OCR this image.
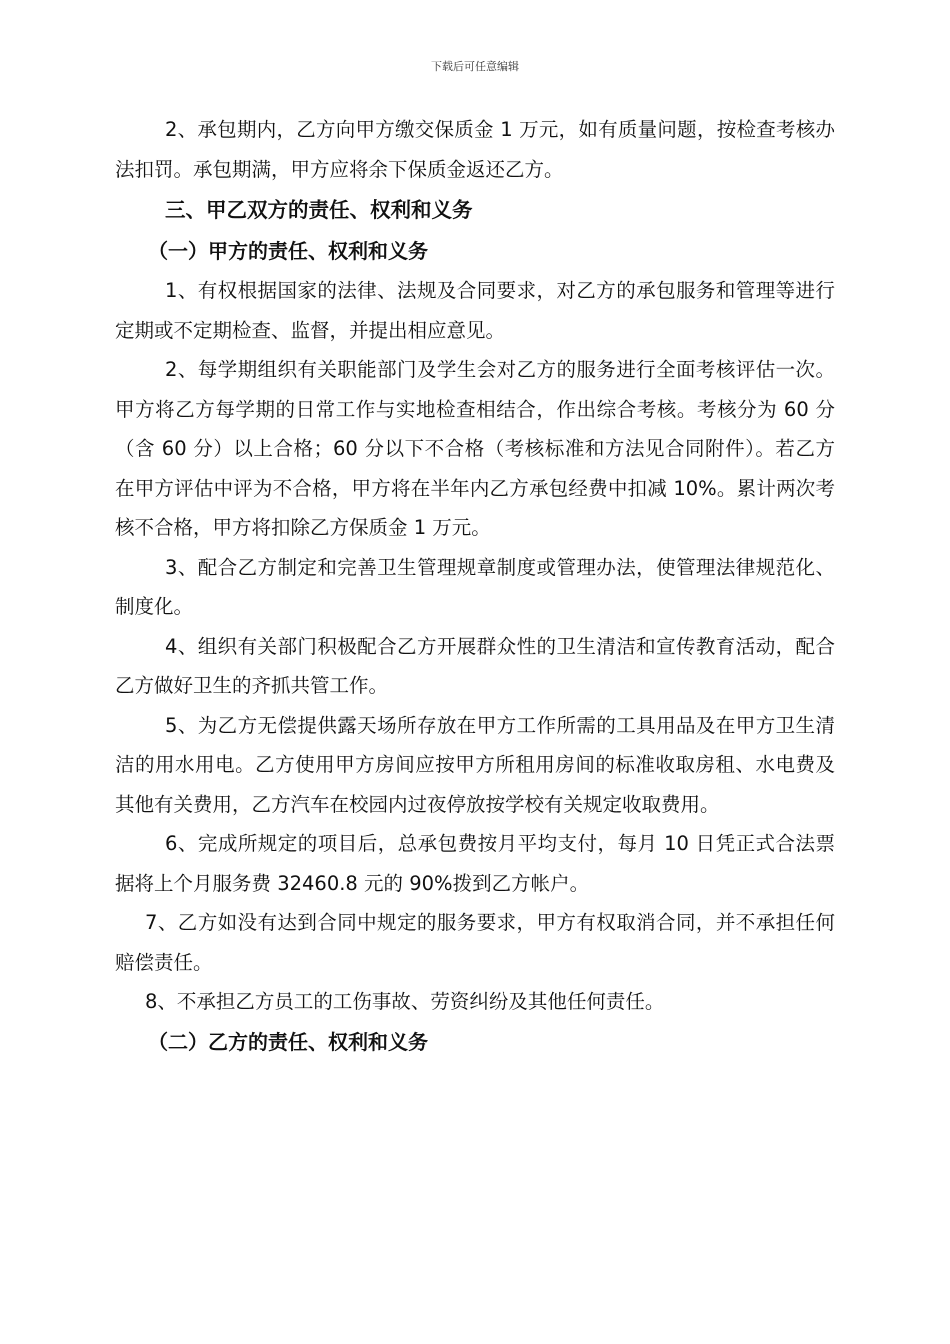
下载后可任意编辑

2、承包期内，乙方向甲方缴交保质金 1 万元，如有质量问题，按检查考核办法扣罚。承包期满，甲方应将余下保质金返还乙方。

三、甲乙双方的责任、权利和义务

（一）甲方的责任、权利和义务

1、有权根据国家的法律、法规及合同要求，对乙方的承包服务和管理等进行定期或不定期检查、监督，并提出相应意见。

2、每学期组织有关职能部门及学生会对乙方的服务进行全面考核评估一次。甲方将乙方每学期的日常工作与实地检查相结合，作出综合考核。考核分为 60 分（含 60 分）以上合格；60 分以下不合格（考核标准和方法见合同附件）。若乙方在甲方评估中评为不合格，甲方将在半年内乙方承包经费中扣减 10%。累计两次考核不合格，甲方将扣除乙方保质金 1 万元。

3、配合乙方制定和完善卫生管理规章制度或管理办法，使管理法律规范化、制度化。

4、组织有关部门积极配合乙方开展群众性的卫生清洁和宣传教育活动，配合乙方做好卫生的齐抓共管工作。

5、为乙方无偿提供露天场所存放在甲方工作所需的工具用品及在甲方卫生清洁的用水用电。乙方使用甲方房间应按甲方所租用房间的标准收取房租、水电费及其他有关费用，乙方汽车在校园内过夜停放按学校有关规定收取费用。

6、完成所规定的项目后，总承包费按月平均支付，每月 10 日凭正式合法票据将上个月服务费 32460.8 元的 90%拨到乙方帐户。

7、乙方如没有达到合同中规定的服务要求，甲方有权取消合同，并不承担任何赔偿责任。

8、不承担乙方员工的工伤事故、劳资纠纷及其他任何责任。

（二）乙方的责任、权利和义务
